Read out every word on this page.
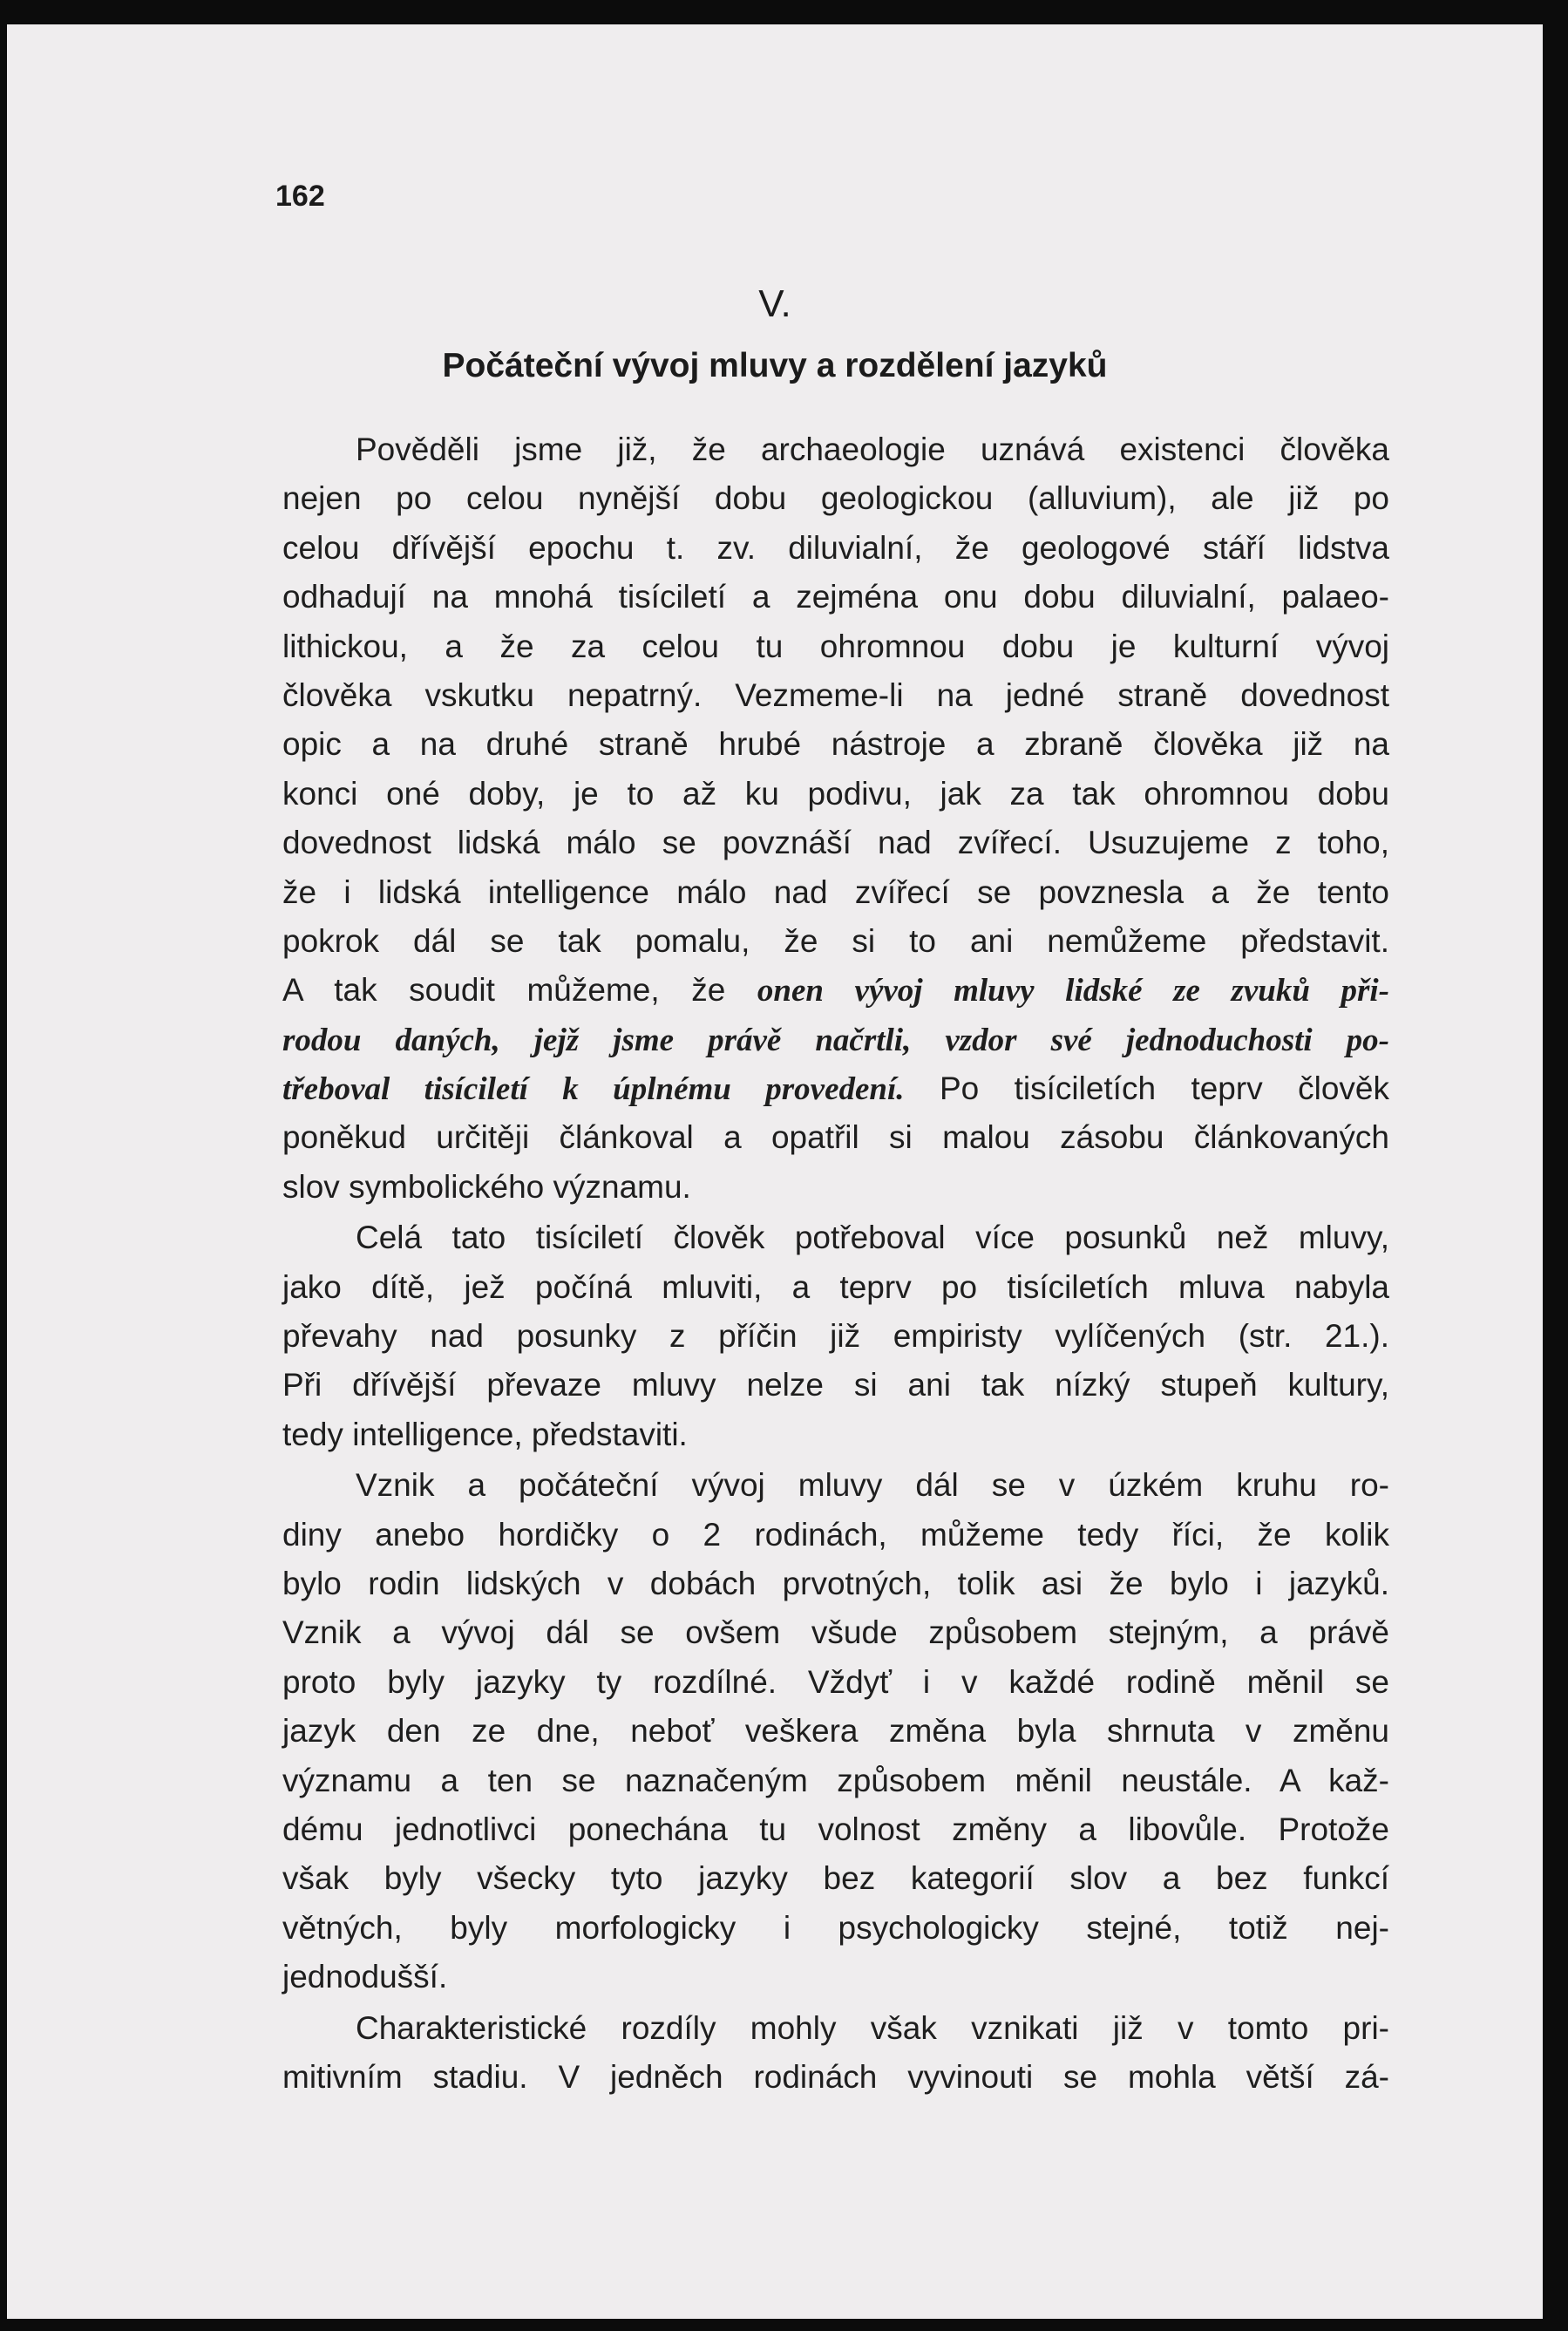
162
V.
Počáteční vývoj mluvy a rozdělení jazyků
Pověděli jsme již, že archaeologie uznává existenci člověka
nejen po celou nynější dobu geologickou (alluvium), ale již po
celou dřívější epochu t. zv. diluvialní, že geologové stáří lidstva
odhadují na mnohá tisíciletí a zejména onu dobu diluvialní, palaeo-
lithickou, a že za celou tu ohromnou dobu je kulturní vývoj
člověka vskutku nepatrný. Vezmeme-li na jedné straně dovednost
opic a na druhé straně hrubé nástroje a zbraně člověka již na
konci oné doby, je to až ku podivu, jak za tak ohromnou dobu
dovednost lidská málo se povznáší nad zvířecí. Usuzujeme z toho,
že i lidská intelligence málo nad zvířecí se povznesla a že tento
pokrok dál se tak pomalu, že si to ani nemůžeme představit.
A tak soudit můžeme, že onen vývoj mluvy lidské ze zvuků při-
rodou daných, jejž jsme právě načrtli, vzdor své jednoduchosti po-
třeboval tisíciletí k úplnému provedení. Po tisíciletích teprv člověk
poněkud určitěji článkoval a opatřil si malou zásobu článkovaných
slov symbolického významu.
Celá tato tisíciletí člověk potřeboval více posunků než mluvy,
jako dítě, jež počíná mluviti, a teprv po tisíciletích mluva nabyla
převahy nad posunky z příčin již empiristy vylíčených (str. 21.).
Při dřívější převaze mluvy nelze si ani tak nízký stupeň kultury,
tedy intelligence, představiti.
Vznik a počáteční vývoj mluvy dál se v úzkém kruhu ro-
diny anebo hordičky o 2 rodinách, můžeme tedy říci, že kolik
bylo rodin lidských v dobách prvotných, tolik asi že bylo i jazyků.
Vznik a vývoj dál se ovšem všude způsobem stejným, a právě
proto byly jazyky ty rozdílné. Vždyť i v každé rodině měnil se
jazyk den ze dne, neboť veškera změna byla shrnuta v změnu
významu a ten se naznačeným způsobem měnil neustále. A kaž-
dému jednotlivci ponechána tu volnost změny a libovůle. Protože
však byly všecky tyto jazyky bez kategorií slov a bez funkcí
větných, byly morfologicky i psychologicky stejné, totiž nej-
jednodušší.
Charakteristické rozdíly mohly však vznikati již v tomto pri-
mitivním stadiu. V jedněch rodinách vyvinouti se mohla větší zá-
